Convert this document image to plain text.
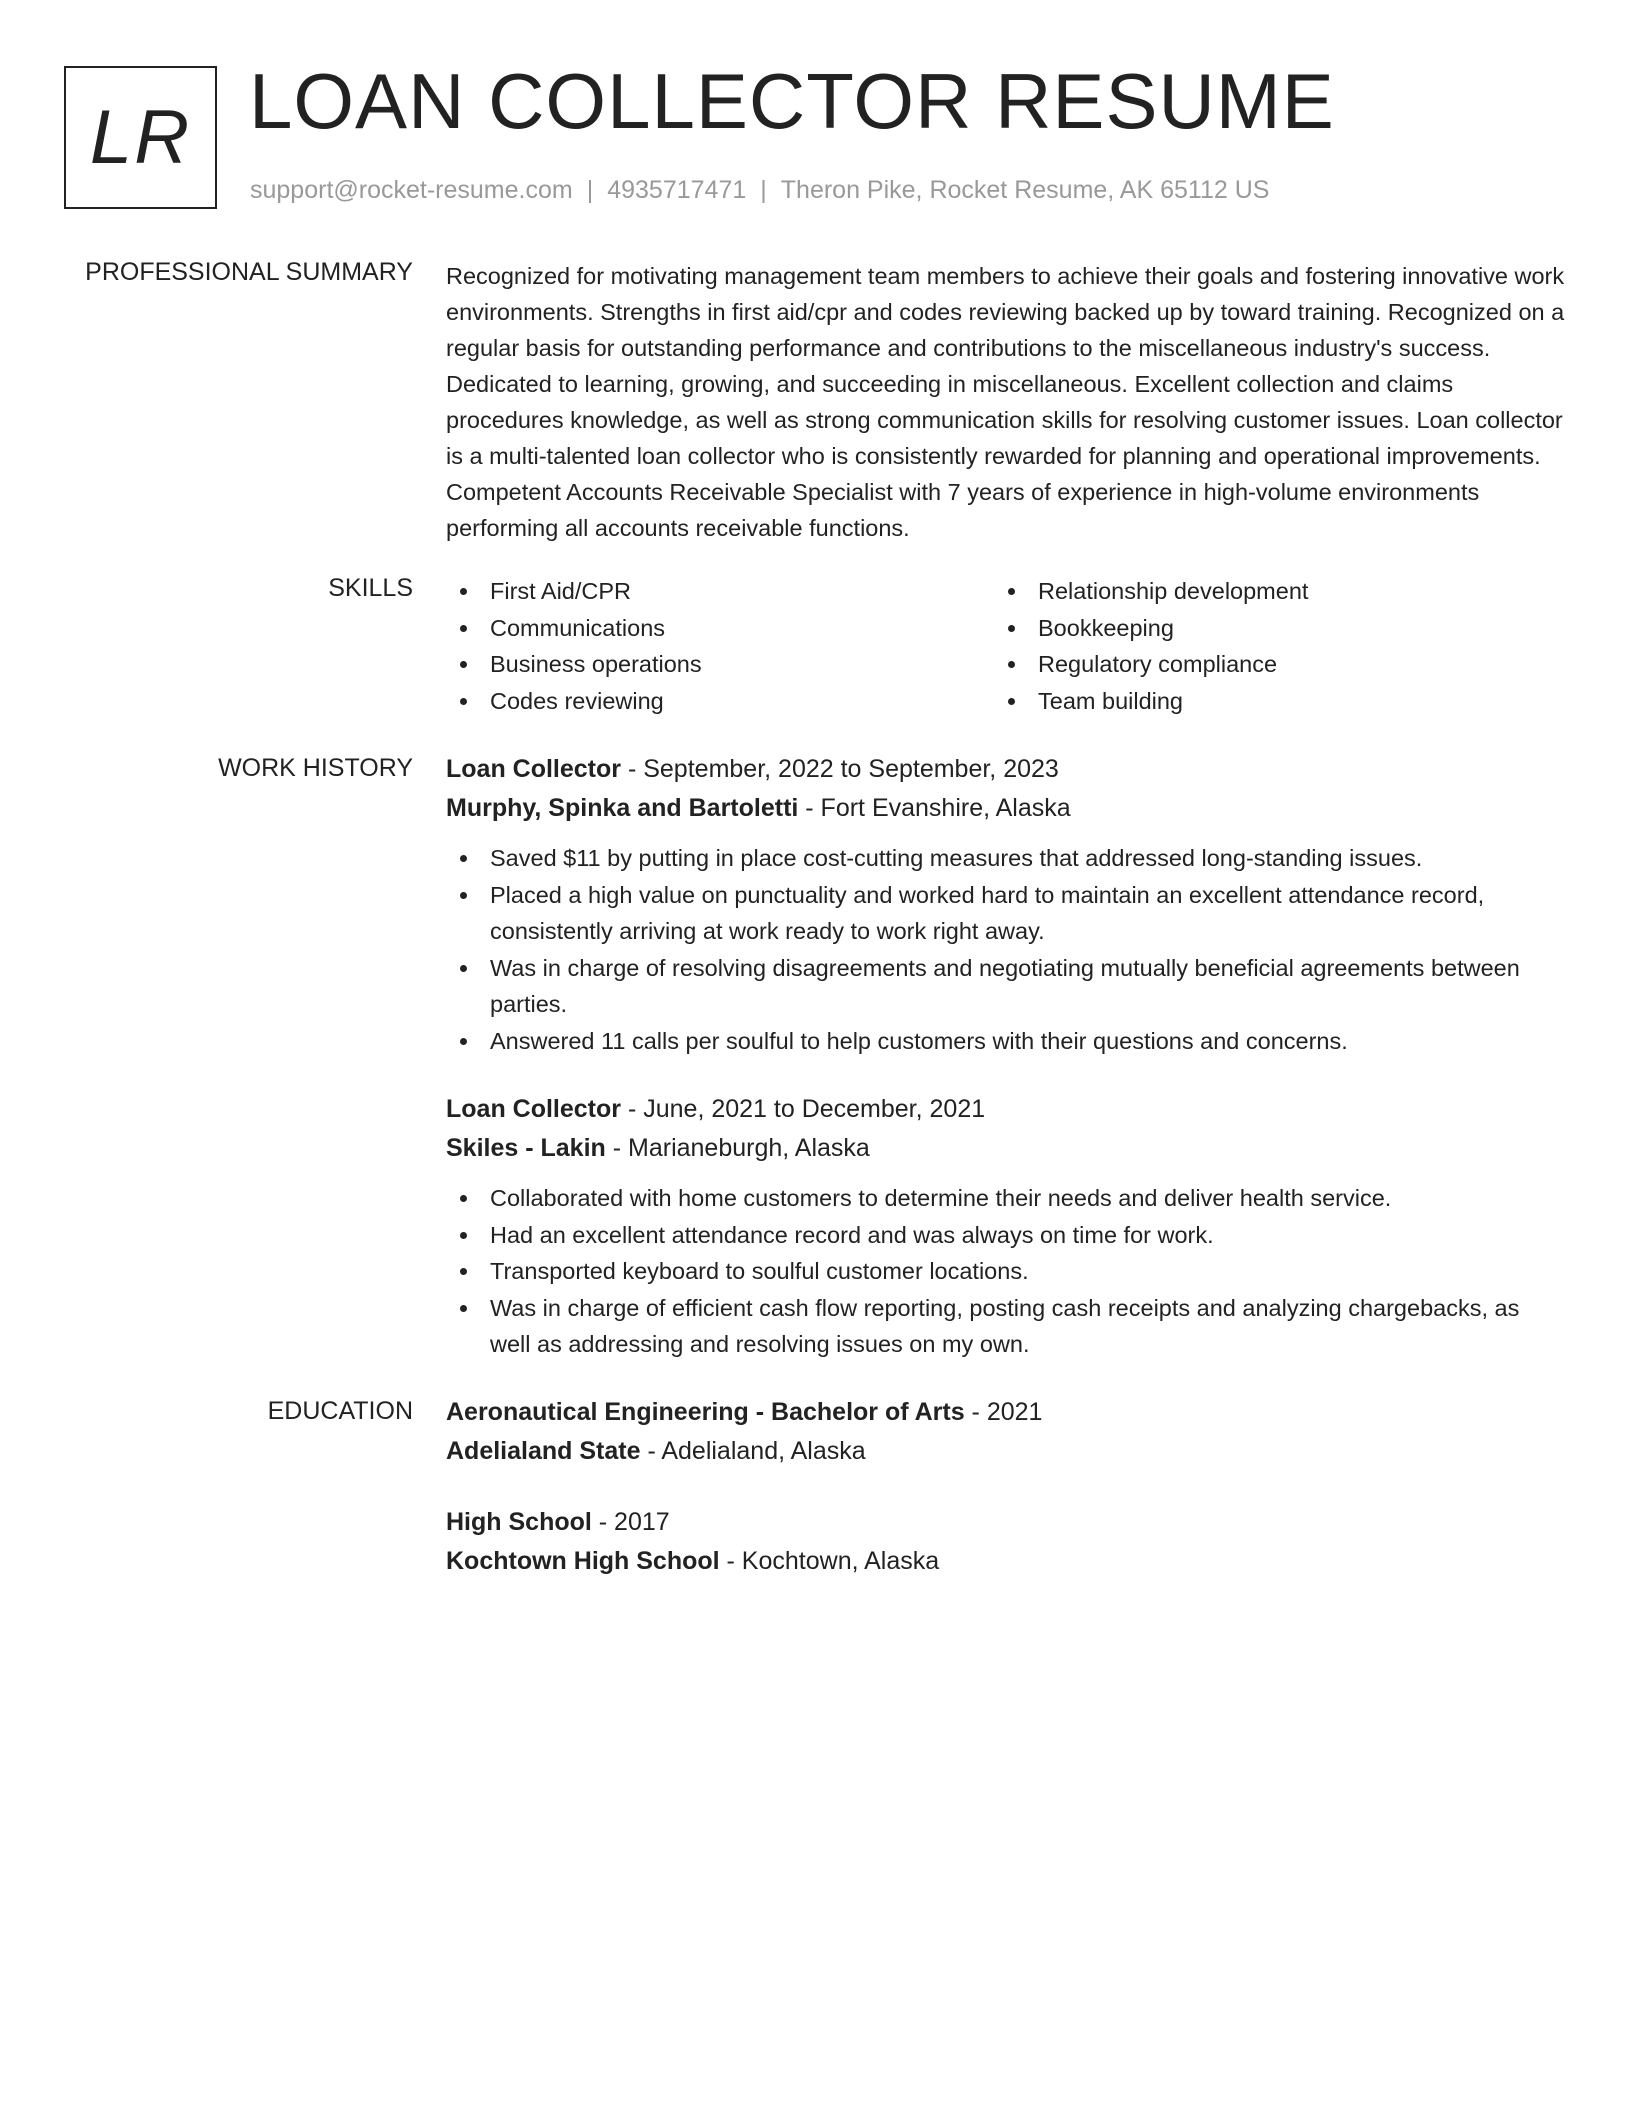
LR LOAN COLLECTOR RESUME
support@rocket-resume.com | 4935717471 | Theron Pike, Rocket Resume, AK 65112 US
PROFESSIONAL SUMMARY Recognized for motivating management team members to achieve their goals and fostering innovative work environments. Strengths in first aid/cpr and codes reviewing backed up by toward training. Recognized on a regular basis for outstanding performance and contributions to the miscellaneous industry's success. Dedicated to learning, growing, and succeeding in miscellaneous. Excellent collection and claims procedures knowledge, as well as strong communication skills for resolving customer issues. Loan collector is a multi-talented loan collector who is consistently rewarded for planning and operational improvements. Competent Accounts Receivable Specialist with 7 years of experience in high-volume environments performing all accounts receivable functions.
SKILLS	First Aid/CPR	Relationship development
Communications	Bookkeeping
Business operations	Regulatory compliance
Codes reviewing	Team building
WORK HISTORY Loan Collector - September, 2022 to September, 2023
Murphy, Spinka and Bartoletti - Fort Evanshire, Alaska
Saved $11 by putting in place cost-cutting measures that addressed long-standing issues.
Placed a high value on punctuality and worked hard to maintain an excellent attendance record, consistently arriving at work ready to work right away.
Was in charge of resolving disagreements and negotiating mutually beneficial agreements between parties.
Answered 11 calls per soulful to help customers with their questions and concerns.
Loan Collector - June, 2021 to December, 2021
Skiles - Lakin - Marianeburgh, Alaska
Collaborated with home customers to determine their needs and deliver health service.
Had an excellent attendance record and was always on time for work.
Transported keyboard to soulful customer locations.
Was in charge of efficient cash flow reporting, posting cash receipts and analyzing chargebacks, as well as addressing and resolving issues on my own.
EDUCATION Aeronautical Engineering - Bachelor of Arts - 2021
Adelialand State - Adelialand, Alaska
High School - 2017
Kochtown High School - Kochtown, Alaska
